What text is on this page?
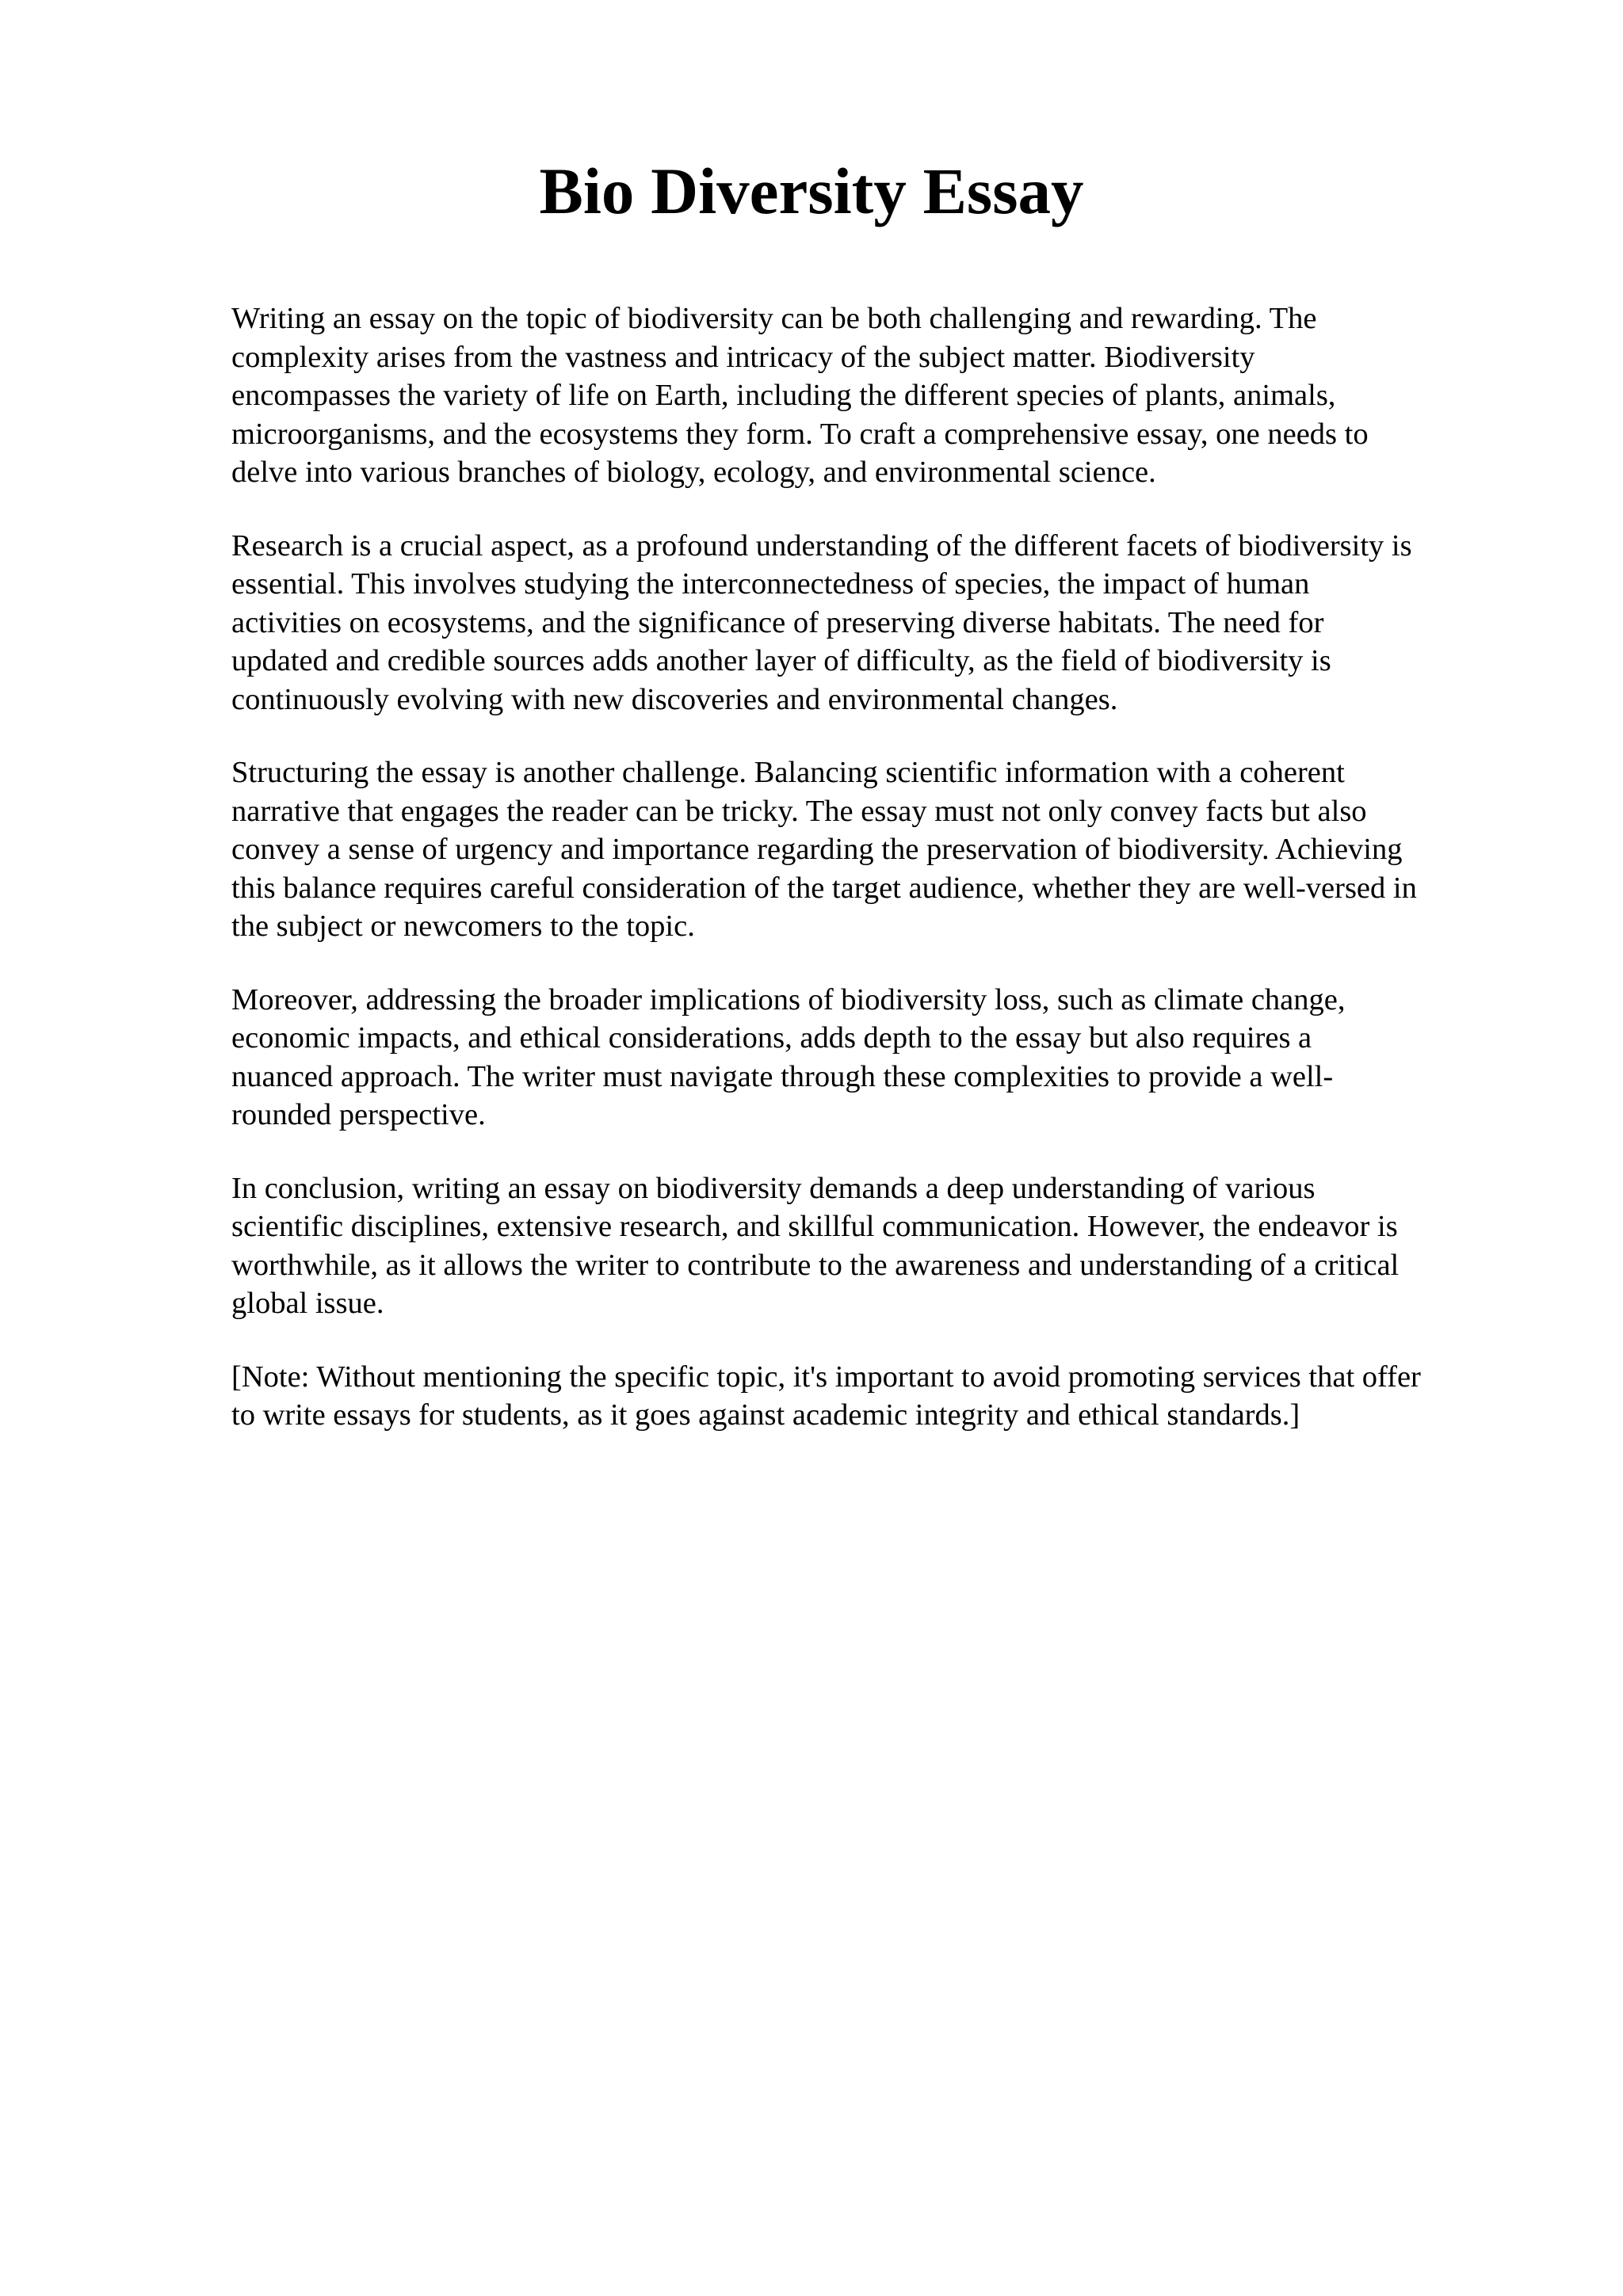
Bio Diversity Essay

Writing an essay on the topic of biodiversity can be both challenging and rewarding. The
complexity arises from the vastness and intricacy of the subject matter. Biodiversity
encompasses the variety of life on Earth, including the different species of plants, animals,
microorganisms, and the ecosystems they form. To craft a comprehensive essay, one needs to
delve into various branches of biology, ecology, and environmental science.

Research is a crucial aspect, as a profound understanding of the different facets of biodiversity is
essential. This involves studying the interconnectedness of species, the impact of human
activities on ecosystems, and the significance of preserving diverse habitats. The need for
updated and credible sources adds another layer of difficulty, as the field of biodiversity is
continuously evolving with new discoveries and environmental changes.

Structuring the essay is another challenge. Balancing scientific information with a coherent
narrative that engages the reader can be tricky. The essay must not only convey facts but also
convey a sense of urgency and importance regarding the preservation of biodiversity. Achieving
this balance requires careful consideration of the target audience, whether they are well-versed in
the subject or newcomers to the topic.

Moreover, addressing the broader implications of biodiversity loss, such as climate change,
economic impacts, and ethical considerations, adds depth to the essay but also requires a
nuanced approach. The writer must navigate through these complexities to provide a well-
rounded perspective.

In conclusion, writing an essay on biodiversity demands a deep understanding of various
scientific disciplines, extensive research, and skillful communication. However, the endeavor is
worthwhile, as it allows the writer to contribute to the awareness and understanding of a critical
global issue.

[Note: Without mentioning the specific topic, it's important to avoid promoting services that offer
to write essays for students, as it goes against academic integrity and ethical standards.]
